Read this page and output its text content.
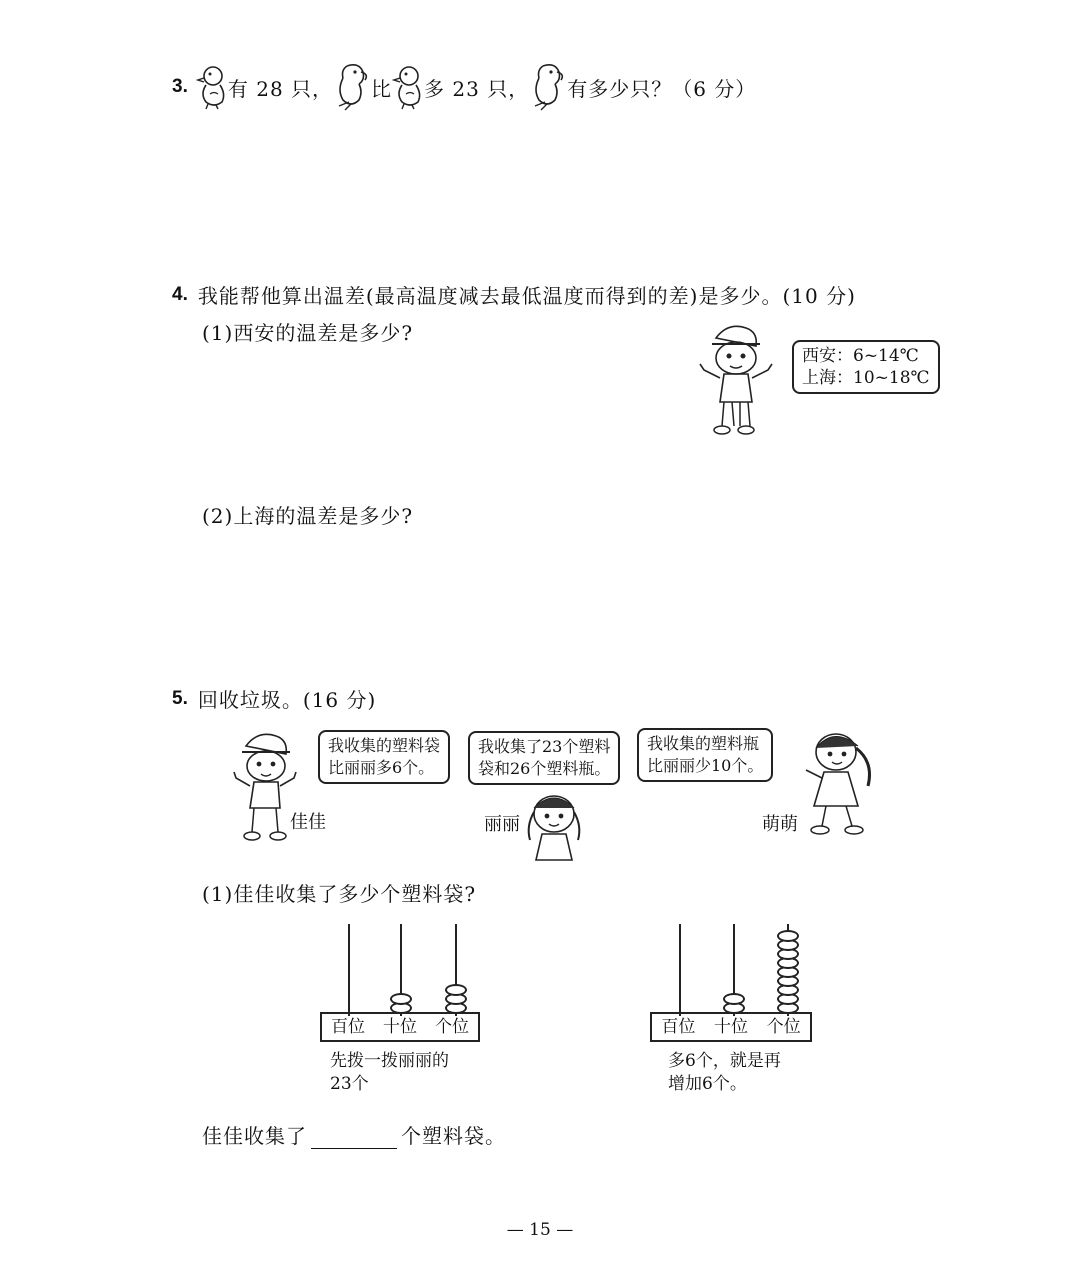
3. 有 28 只， 比 多 23 只， 有多少只？（6 分）
4. 我能帮他算出温差(最高温度减去最低温度而得到的差)是多少。(10 分)
(1)西安的温差是多少?
西安：6~14℃
上海：10~18℃
(2)上海的温差是多少?
5. 回收垃圾。(16 分)
我收集的塑料袋
比丽丽多6个。
佳佳
我收集了23个塑料
袋和26个塑料瓶。
丽丽
我收集的塑料瓶
比丽丽少10个。
萌萌
(1)佳佳收集了多少个塑料袋?
百位	十位	个位
先拨一拨丽丽的
23个
百位	十位	个位
多6个，就是再
增加6个。
佳佳收集了	个塑料袋。
— 15 —
